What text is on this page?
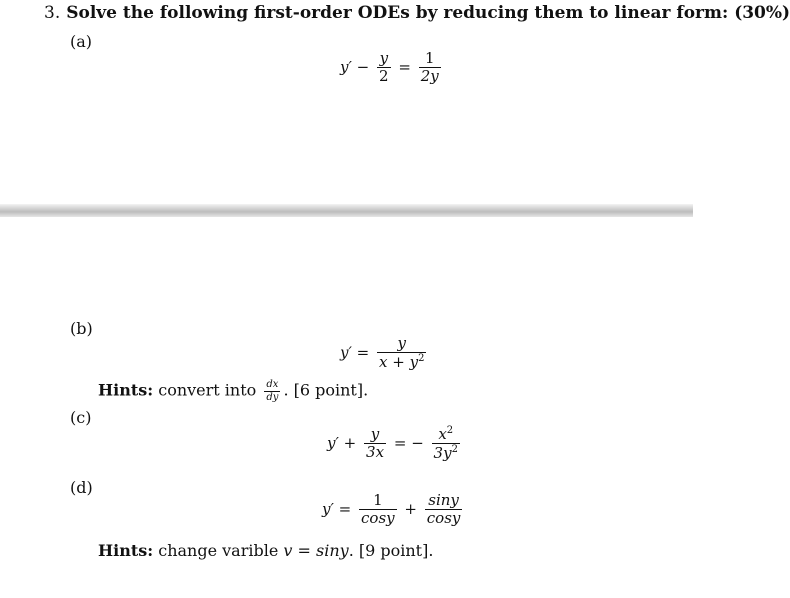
3. Solve the following first-order ODEs by reducing them to linear form: (30%)
(a)
$y' - \frac{y}{2} = \frac{1}{2y}$
(b)
$y' = \frac{y}{x + y^2}$
Hints: convert into $\frac{dx}{dy}$ . [6 point].
(c)
$y' + \frac{y}{3x}$ = − $\frac{x^2}{3y^2}$
(d)
$y' = \frac{1}{\cos y} + \frac{\sin y}{\cos y}$
Hints: change varible v = siny. [9 point].
